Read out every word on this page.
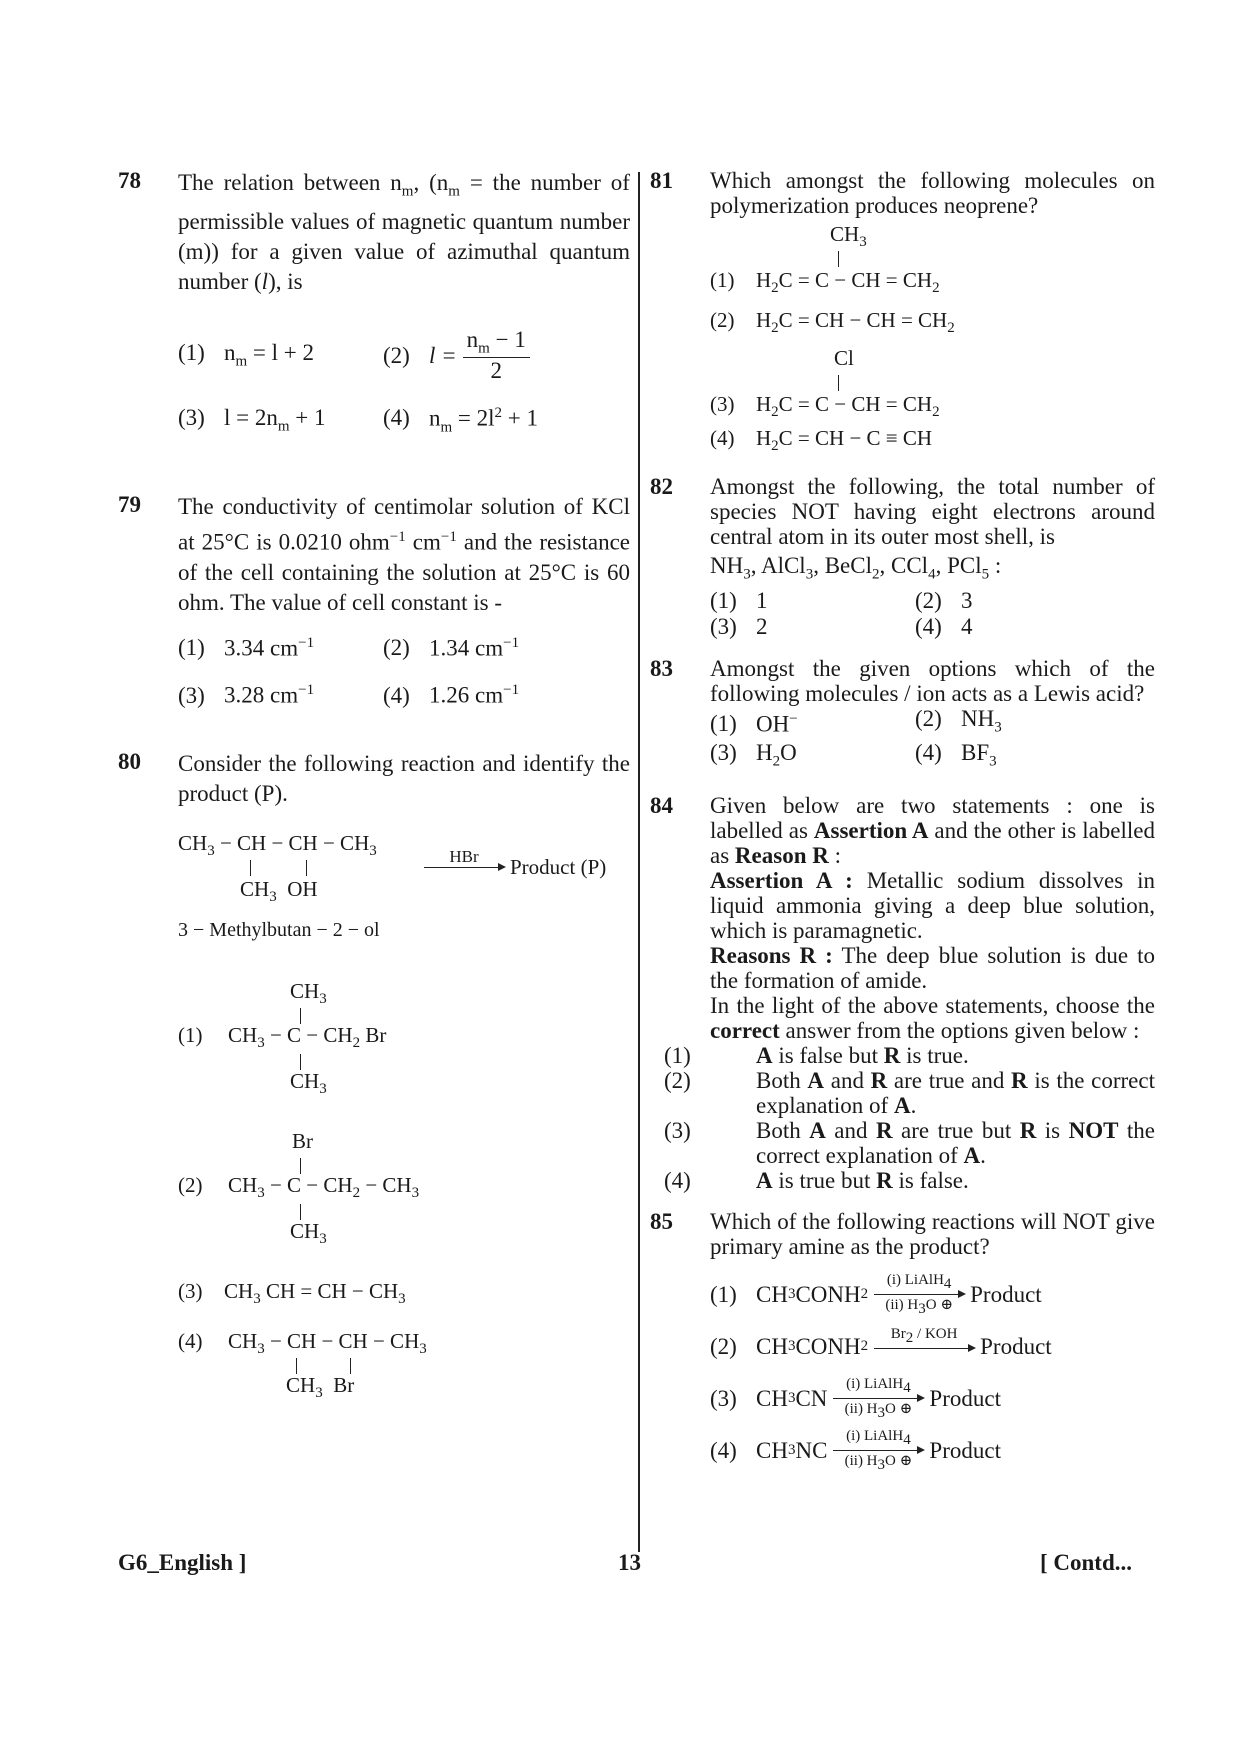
78 The relation between $n_m$, ($n_m$ = the number of permissible values of magnetic quantum number (m)) for a given value of azimuthal quantum number (l), is
(1) $n_m = l + 2$	(2) $l = \frac{n_m - 1}{2}$
(3) $l = 2n_m + 1$	(4) $n_m = 2l^2 + 1$
79 The conductivity of centimolar solution of KCl at 25°C is 0.0210 ohm$^{-1}$ $cm^{-1}$ and the resistance of the cell containing the solution at 25°C is 60 ohm. The value of cell constant is -
(1) 3.34 $cm^{-1}$	(2) 1.34 $cm^{-1}$
(3) 3.28 $cm^{-1}$	(4) 1.26 $cm^{-1}$
80 Consider the following reaction and identify the product (P).
$CH_3$ − CH − CH − $CH_3$
$CH_3$  OH
HBr
Product (P)
3 − Methylbutan − 2 − ol
(1)
$CH_3$
$CH_3 - C - CH_2$ Br
$CH_3$
(2)
Br
$CH_3 - C - CH_2 - CH_3$
$CH_3$
(3) $CH_3$ CH = CH − $CH_3$
(4) $CH_3$ − CH − CH − $CH_3$
$CH_3$ Br
81 Which amongst the following molecules on polymerization produces neoprene?
$CH_3$
(1) $H_2C = C$ − CH = $CH_2$
(2) $H_2C$ = CH − CH = $CH_2$
Cl
(3) $H_2C = C$ − CH = $CH_2$
(4) $H_2C$ = CH − C ≡ CH
82 Amongst the following, the total number of species NOT having eight electrons around central atom in its outer most shell, is
$NH_3$, AlCl$_3$, BeCl$_2$, CCl$_4$, PCl$_5$ :
(1) 1	(2) 3
(3) 2	(4) 4
83 Amongst the given options which of the following molecules / ion acts as a Lewis acid?
(1) OH−	(2) $NH_3$
(3) $H_2O$	(4) $BF_3$
84 Given below are two statements : one is labelled as Assertion A and the other is labelled as Reason R :
Assertion A : Metallic sodium dissolves in liquid ammonia giving a deep blue solution, which is paramagnetic.
Reasons R : The deep blue solution is due to the formation of amide.
In the light of the above statements, choose the correct answer from the options given below :
(1)	A is false but R is true.
(2)	Both A and R are true and R is the correct explanation of A.
(3)	Both A and R are true but R is NOT the correct explanation of A.
(4)	A is true but R is false.
85 Which of the following reactions will NOT give primary amine as the product?
(1) CH 3 CONH 2
(i) LiAlH$_4$
(ii) $H_3O$ ⊕ Product
(2) CH 3 CONH 2
$Br_2$ / KOH
Product
(3) CH 3 CN
(i) LiAlH$_4$
(ii) $H_3O$ ⊕ Product
(4) CH 3 NC
(i) LiAlH$_4$
(ii) $H_3O$ ⊕ Product
G6_English ]	13	[ Contd...
